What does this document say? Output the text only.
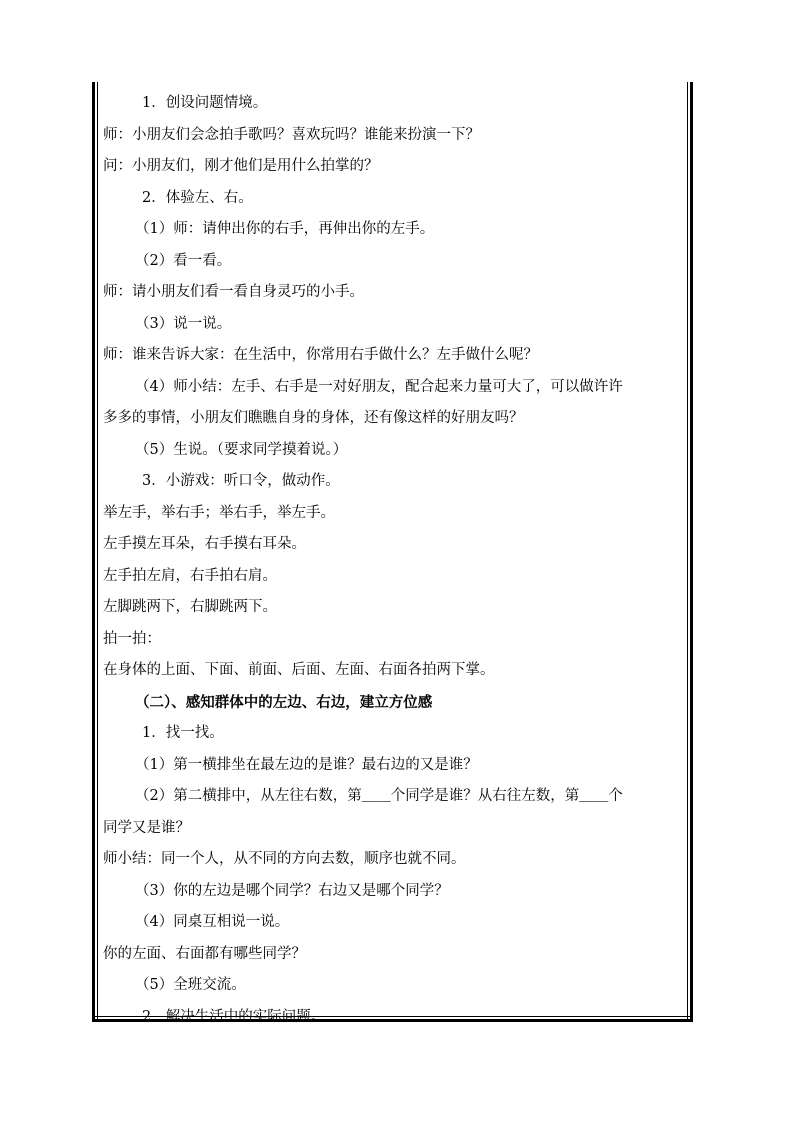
1．创设问题情境。
师：小朋友们会念拍手歌吗？喜欢玩吗？谁能来扮演一下？
问：小朋友们，刚才他们是用什么拍掌的？
2．体验左、右。
（1）师：请伸出你的右手，再伸出你的左手。
（2）看一看。
师：请小朋友们看一看自身灵巧的小手。
（3）说一说。
师：谁来告诉大家：在生活中，你常用右手做什么？左手做什么呢？
（4）师小结：左手、右手是一对好朋友，配合起来力量可大了，可以做许许
多多的事情，小朋友们瞧瞧自身的身体，还有像这样的好朋友吗？
（5）生说。（要求同学摸着说。）
3．小游戏：听口令，做动作。
举左手，举右手；举右手，举左手。
左手摸左耳朵，右手摸右耳朵。
左手拍左肩，右手拍右肩。
左脚跳两下，右脚跳两下。
拍一拍：
在身体的上面、下面、前面、后面、左面、右面各拍两下掌。
（二）、感知群体中的左边、右边，建立方位感
1．找一找。
（1）第一横排坐在最左边的是谁？最右边的又是谁？
（2）第二横排中，从左往右数，第＿＿个同学是谁？从右往左数，第＿＿个
同学又是谁？
师小结：同一个人，从不同的方向去数，顺序也就不同。
（3）你的左边是哪个同学？右边又是哪个同学？
（4）同桌互相说一说。
你的左面、右面都有哪些同学？
（5）全班交流。
2．解决生活中的实际问题。
